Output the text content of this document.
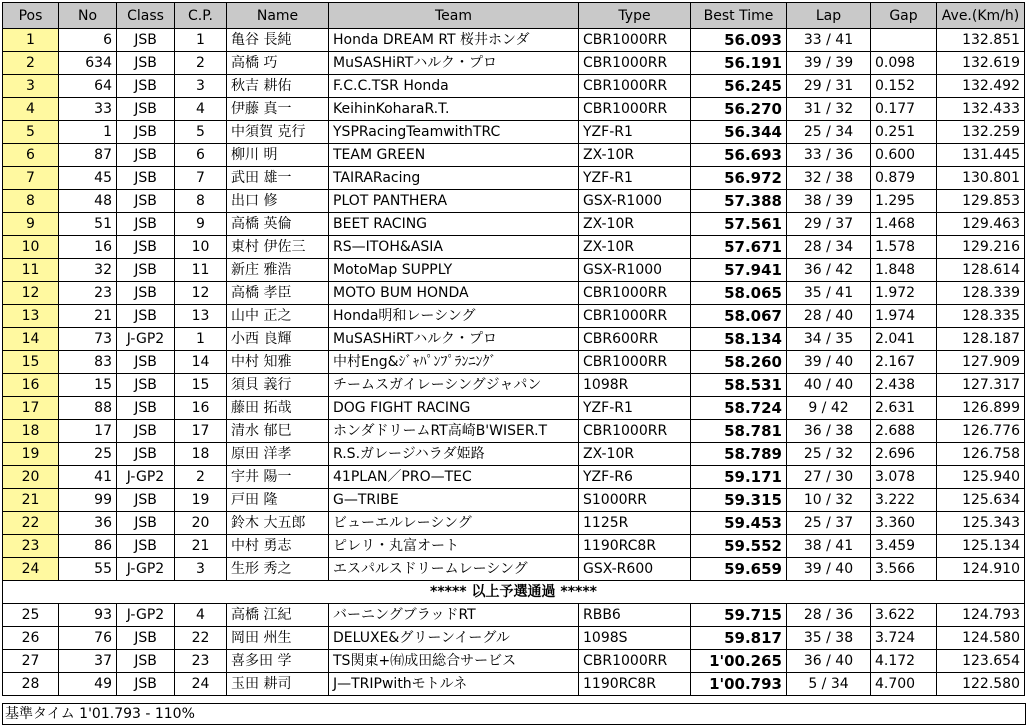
Pos	No	Class	C.P.	Name	Team	Type	Best Time	Lap	Gap	Ave.(Km/h)
1	6	JSB	1	亀谷 長純	Honda DREAM RT 桜井ホンダ	CBR1000RR	56.093	33 / 41		132.851
2	634	JSB	2	高橋 巧	MuSASHiRTハルク・プロ	CBR1000RR	56.191	39 / 39	0.098	132.619
3	64	JSB	3	秋吉 耕佑	F.C.C.TSR Honda	CBR1000RR	56.245	29 / 31	0.152	132.492
4	33	JSB	4	伊藤 真一	KeihinKoharaR.T.	CBR1000RR	56.270	31 / 32	0.177	132.433
5	1	JSB	5	中須賀 克行	YSPRacingTeamwithTRC	YZF-R1	56.344	25 / 34	0.251	132.259
6	87	JSB	6	柳川 明	TEAM GREEN	ZX-10R	56.693	33 / 36	0.600	131.445
7	45	JSB	7	武田 雄一	TAIRARacing	YZF-R1	56.972	32 / 38	0.879	130.801
8	48	JSB	8	出口 修	PLOT PANTHERA	GSX-R1000	57.388	38 / 39	1.295	129.853
9	51	JSB	9	高橋 英倫	BEET RACING	ZX-10R	57.561	29 / 37	1.468	129.463
10	16	JSB	10	東村 伊佐三	RS—ITOH&ASIA	ZX-10R	57.671	28 / 34	1.578	129.216
11	32	JSB	11	新庄 雅浩	MotoMap SUPPLY	GSX-R1000	57.941	36 / 42	1.848	128.614
12	23	JSB	12	高橋 孝臣	MOTO BUM HONDA	CBR1000RR	58.065	35 / 41	1.972	128.339
13	21	JSB	13	山中 正之	Honda明和レーシング	CBR1000RR	58.067	28 / 40	1.974	128.335
14	73	J-GP2	1	小西 良輝	MuSASHiRTハルク・プロ	CBR600RR	58.134	34 / 35	2.041	128.187
15	83	JSB	14	中村 知雅	中村Eng&ｼﾞｬﾊﾟﾝﾌﾟﾗﾝﾆﾝｸﾞ	CBR1000RR	58.260	39 / 40	2.167	127.909
16	15	JSB	15	須貝 義行	チームスガイレーシングジャパン	1098R	58.531	40 / 40	2.438	127.317
17	88	JSB	16	藤田 拓哉	DOG FIGHT RACING	YZF-R1	58.724	9 / 42	2.631	126.899
18	17	JSB	17	清水 郁巳	ホンダドリームRT高崎B'WISER.T	CBR1000RR	58.781	36 / 38	2.688	126.776
19	25	JSB	18	原田 洋孝	R.S.ガレージハラダ姫路	ZX-10R	58.789	25 / 32	2.696	126.758
20	41	J-GP2	2	宇井 陽一	41PLAN／PRO—TEC	YZF-R6	59.171	27 / 30	3.078	125.940
21	99	JSB	19	戸田 隆	G—TRIBE	S1000RR	59.315	10 / 32	3.222	125.634
22	36	JSB	20	鈴木 大五郎	ビューエルレーシング	1125R	59.453	25 / 37	3.360	125.343
23	86	JSB	21	中村 勇志	ピレリ・丸富オート	1190RC8R	59.552	38 / 41	3.459	125.134
24	55	J-GP2	3	生形 秀之	エスパルスドリームレーシング	GSX-R600	59.659	39 / 40	3.566	124.910
***** 以上予選通過 *****										
25	93	J-GP2	4	高橋 江紀	バーニングブラッドRT	RBB6	59.715	28 / 36	3.622	124.793
26	76	JSB	22	岡田 州生	DELUXE&グリーンイーグル	1098S	59.817	35 / 38	3.724	124.580
27	37	JSB	23	喜多田 学	TS関東+㈲成田総合サービス	CBR1000RR	1'00.265	36 / 40	4.172	123.654
28	49	JSB	24	玉田 耕司	J—TRIPwithモトルネ	1190RC8R	1'00.793	5 / 34	4.700	122.580
基準タイム 1'01.793 - 110%
